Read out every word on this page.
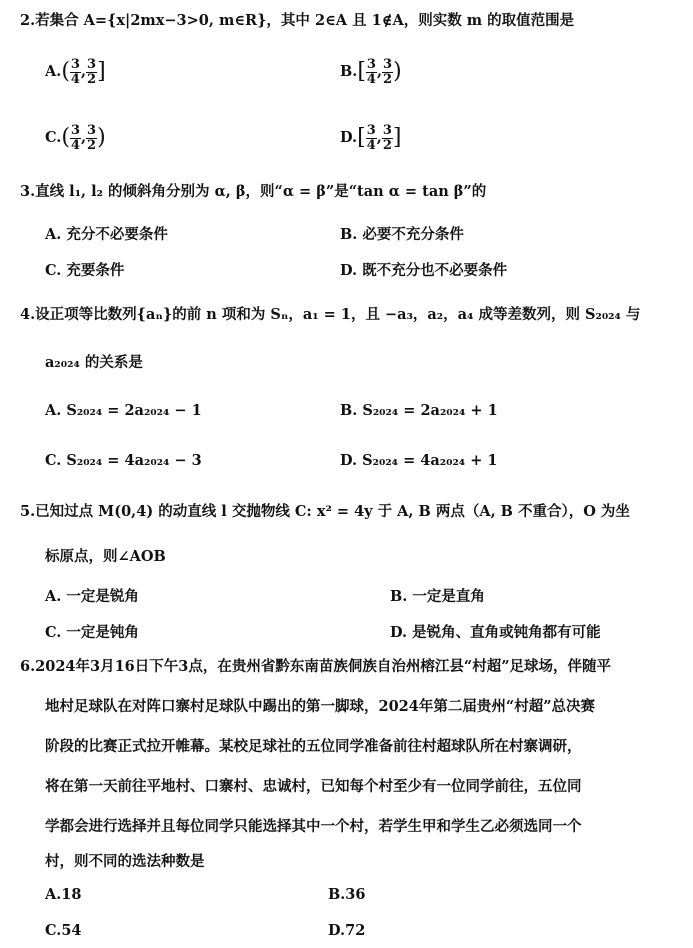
2.若集合 A={x|2mx−3>0, m∈R}，其中 2∈A 且 1∉A，则实数 m 的取值范围是
$A.( \frac{3}{4}$ , $\frac{3}{2}$ ]	$B.[ \frac{3}{4}$ , $\frac{3}{2}$ )
$C.( \frac{3}{4}$ , $\frac{3}{2}$ )	$D.[ \frac{3}{4}$ , $\frac{3}{2}$ ]
3.直线 l₁, l₂ 的倾斜角分别为 α, β，则“α = β”是“tan α = tan β”的
A. 充分不必要条件	B. 必要不充分条件
C. 充要条件	D. 既不充分也不必要条件
4.设正项等比数列{aₙ}的前 n 项和为 Sₙ，a₁ = 1，且 −a₃，a₂，a₄ 成等差数列，则 S₂₀₂₄ 与
a₂₀₂₄ 的关系是
A. S₂₀₂₄ = 2a₂₀₂₄ − 1	B. S₂₀₂₄ = 2a₂₀₂₄ + 1
C. S₂₀₂₄ = 4a₂₀₂₄ − 3	D. S₂₀₂₄ = 4a₂₀₂₄ + 1
5.已知过点 M(0,4) 的动直线 l 交抛物线 C: x² = 4y 于 A, B 两点（A, B 不重合），O 为坐
标原点，则∠AOB
A. 一定是锐角	B. 一定是直角
C. 一定是钝角	D. 是锐角、直角或钝角都有可能
6.2024年3月16日下午3点，在贵州省黔东南苗族侗族自治州榕江县“村超”足球场，伴随平
地村足球队在对阵口寨村足球队中踢出的第一脚球，2024年第二届贵州“村超”总决赛
阶段的比赛正式拉开帷幕。某校足球社的五位同学准备前往村超球队所在村寨调研，
将在第一天前往平地村、口寨村、忠诚村，已知每个村至少有一位同学前往，五位同
学都会进行选择并且每位同学只能选择其中一个村，若学生甲和学生乙必须选同一个
村，则不同的选法种数是
A.18	B.36
C.54	D.72
